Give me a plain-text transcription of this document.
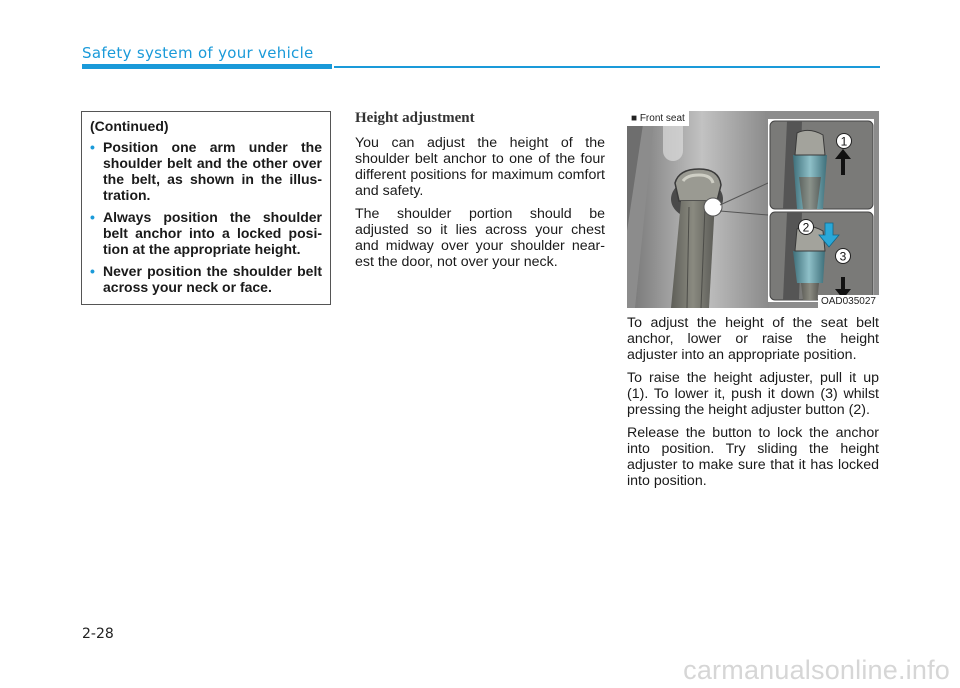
Safety system of your vehicle

(Continued)

• Position one arm under the shoulder belt and the other over the belt, as shown in the illus-tration.
• Always position the shoulder belt anchor into a locked posi-tion at the appropriate height.
• Never position the shoulder belt across your neck or face.
Height adjustment

You can adjust the height of the shoulder belt anchor to one of the four different positions for maximum comfort and safety.

The shoulder portion should be adjusted so it lies across your chest and midway over your shoulder near-est the door, not over your neck.

■ Front seat
1
2
3
OAD035027

To adjust the height of the seat belt anchor, lower or raise the height adjuster into an appropriate position.

To raise the height adjuster, pull it up (1). To lower it, push it down (3) whilst pressing the height adjuster button (2).

Release the button to lock the anchor into position. Try sliding the height adjuster to make sure that it has locked into position.

2-28
carmanualsonline.info
